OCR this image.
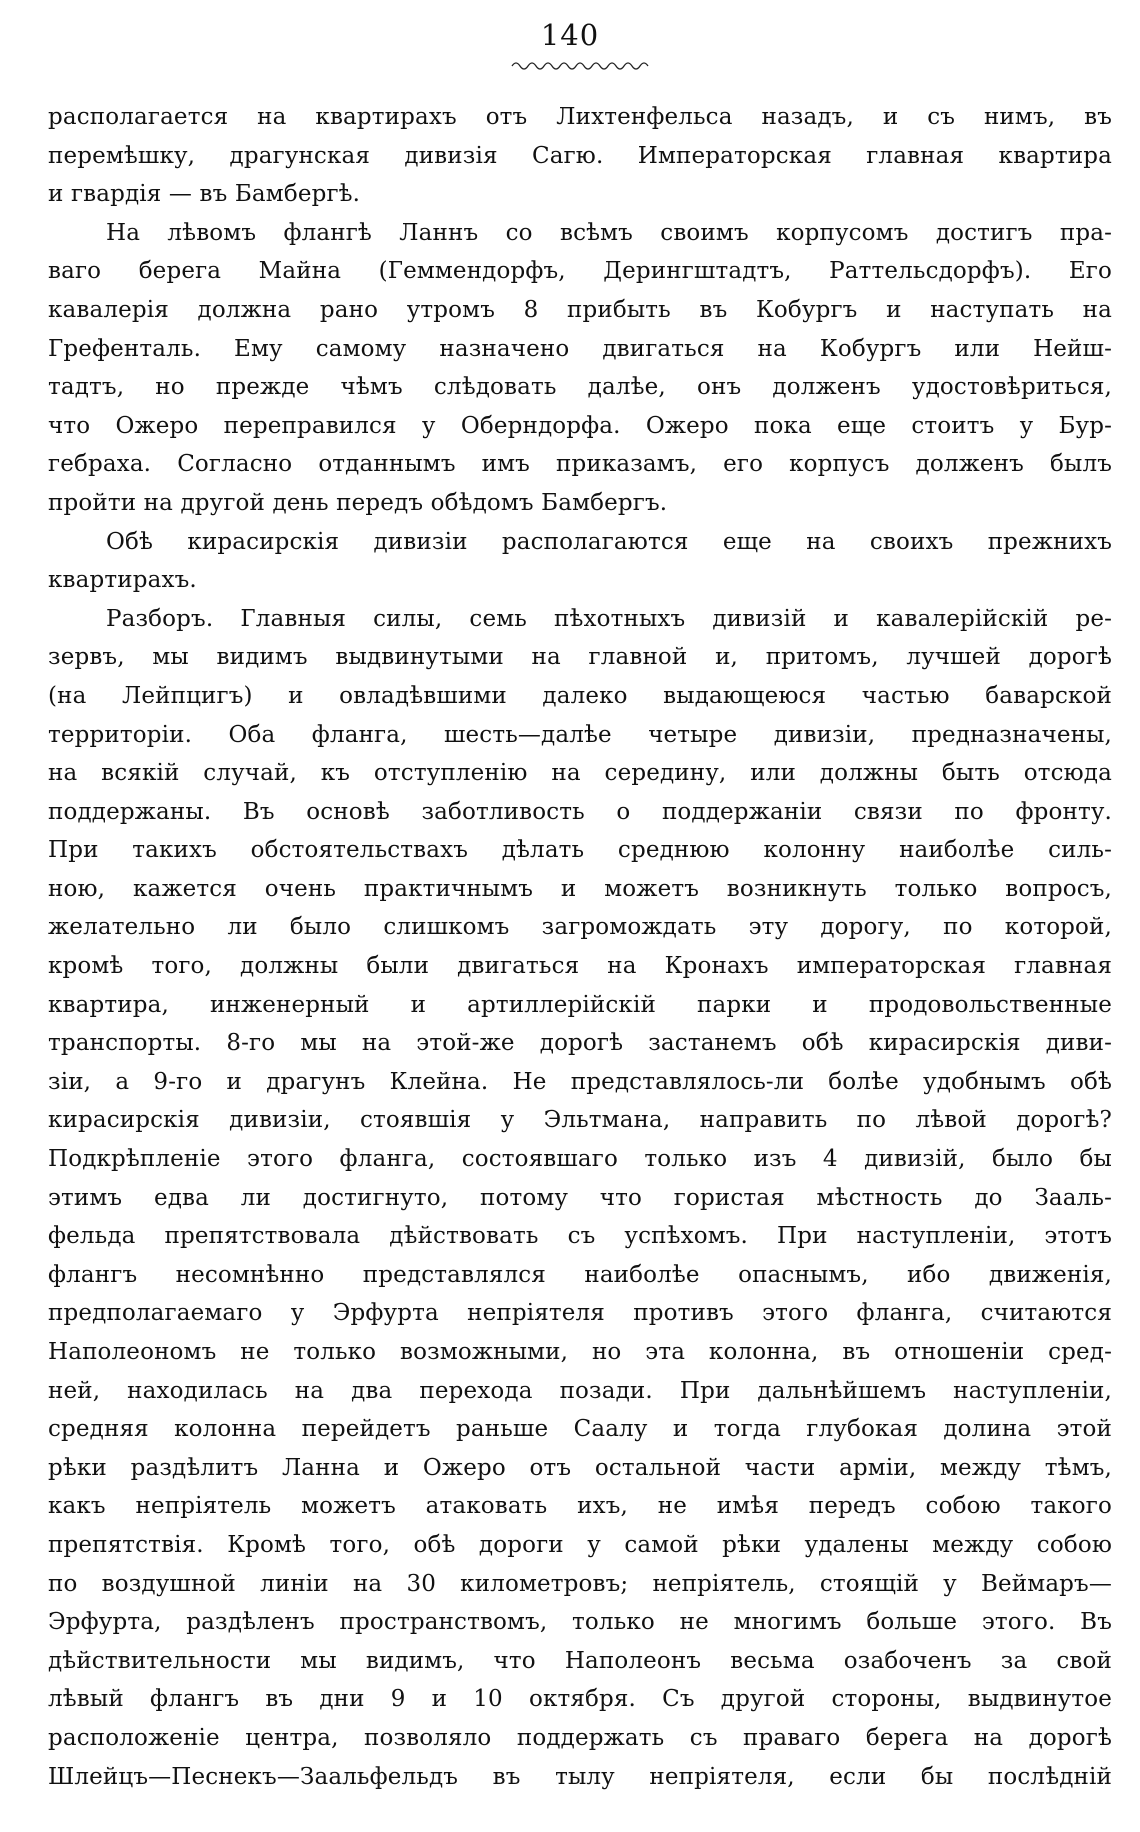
140
располагается на квартирахъ отъ Лихтенфельса назадъ, и съ нимъ, въ
перемѣшку, драгунская дивизія Сагю. Императорская главная квартира
и гвардія — въ Бамбергѣ.
На лѣвомъ флангѣ Ланнъ со всѣмъ своимъ корпусомъ достигъ пра-
ваго берега Майна (Геммендорфъ, Дерингштадтъ, Раттельсдорфъ). Его
кавалерія должна рано утромъ 8 прибыть въ Кобургъ и наступать на
Грефенталь. Ему самому назначено двигаться на Кобургъ или Нейш-
тадтъ, но прежде чѣмъ слѣдовать далѣе, онъ долженъ удостовѣриться,
что Ожеро переправился у Оберндорфа. Ожеро пока еще стоитъ у Бур-
гебраха. Согласно отданнымъ имъ приказамъ, его корпусъ долженъ былъ
пройти на другой день передъ обѣдомъ Бамбергъ.
Обѣ кирасирскія дивизіи располагаются еще на своихъ прежнихъ
квартирахъ.
Разборъ. Главныя силы, семь пѣхотныхъ дивизій и кавалерійскій ре-
зервъ, мы видимъ выдвинутыми на главной и, притомъ, лучшей дорогѣ
(на Лейпцигъ) и овладѣвшими далеко выдающеюся частью баварской
территоріи. Оба фланга, шесть—далѣе четыре дивизіи, предназначены,
на всякій случай, къ отступленію на середину, или должны быть отсюда
поддержаны. Въ основѣ заботливость о поддержаніи связи по фронту.
При такихъ обстоятельствахъ дѣлать среднюю колонну наиболѣе силь-
ною, кажется очень практичнымъ и можетъ возникнуть только вопросъ,
желательно ли было слишкомъ загромождать эту дорогу, по которой,
кромѣ того, должны были двигаться на Кронахъ императорская главная
квартира, инженерный и артиллерійскій парки и продовольственные
транспорты. 8-го мы на этой-же дорогѣ застанемъ обѣ кирасирскія диви-
зіи, а 9-го и драгунъ Клейна. Не представлялось-ли болѣе удобнымъ обѣ
кирасирскія дивизіи, стоявшія у Эльтмана, направить по лѣвой дорогѣ?
Подкрѣпленіе этого фланга, состоявшаго только изъ 4 дивизій, было бы
этимъ едва ли достигнуто, потому что гористая мѣстность до Зааль-
фельда препятствовала дѣйствовать съ успѣхомъ. При наступленіи, этотъ
флангъ несомнѣнно представлялся наиболѣе опаснымъ, ибо движенія,
предполагаемаго у Эрфурта непріятеля противъ этого фланга, считаются
Наполеономъ не только возможными, но эта колонна, въ отношеніи сред-
ней, находилась на два перехода позади. При дальнѣйшемъ наступленіи,
средняя колонна перейдетъ раньше Саалу и тогда глубокая долина этой
рѣки раздѣлитъ Ланна и Ожеро отъ остальной части арміи, между тѣмъ,
какъ непріятель можетъ атаковать ихъ, не имѣя передъ собою такого
препятствія. Кромѣ того, обѣ дороги у самой рѣки удалены между собою
по воздушной линіи на 30 километровъ; непріятель, стоящій у Веймаръ—
Эрфурта, раздѣленъ пространствомъ, только не многимъ больше этого. Въ
дѣйствительности мы видимъ, что Наполеонъ весьма озабоченъ за свой
лѣвый флангъ въ дни 9 и 10 октября. Съ другой стороны, выдвинутое
расположеніе центра, позволяло поддержать съ праваго берега на дорогѣ
Шлейцъ—Песнекъ—Заальфельдъ въ тылу непріятеля, если бы послѣдній
